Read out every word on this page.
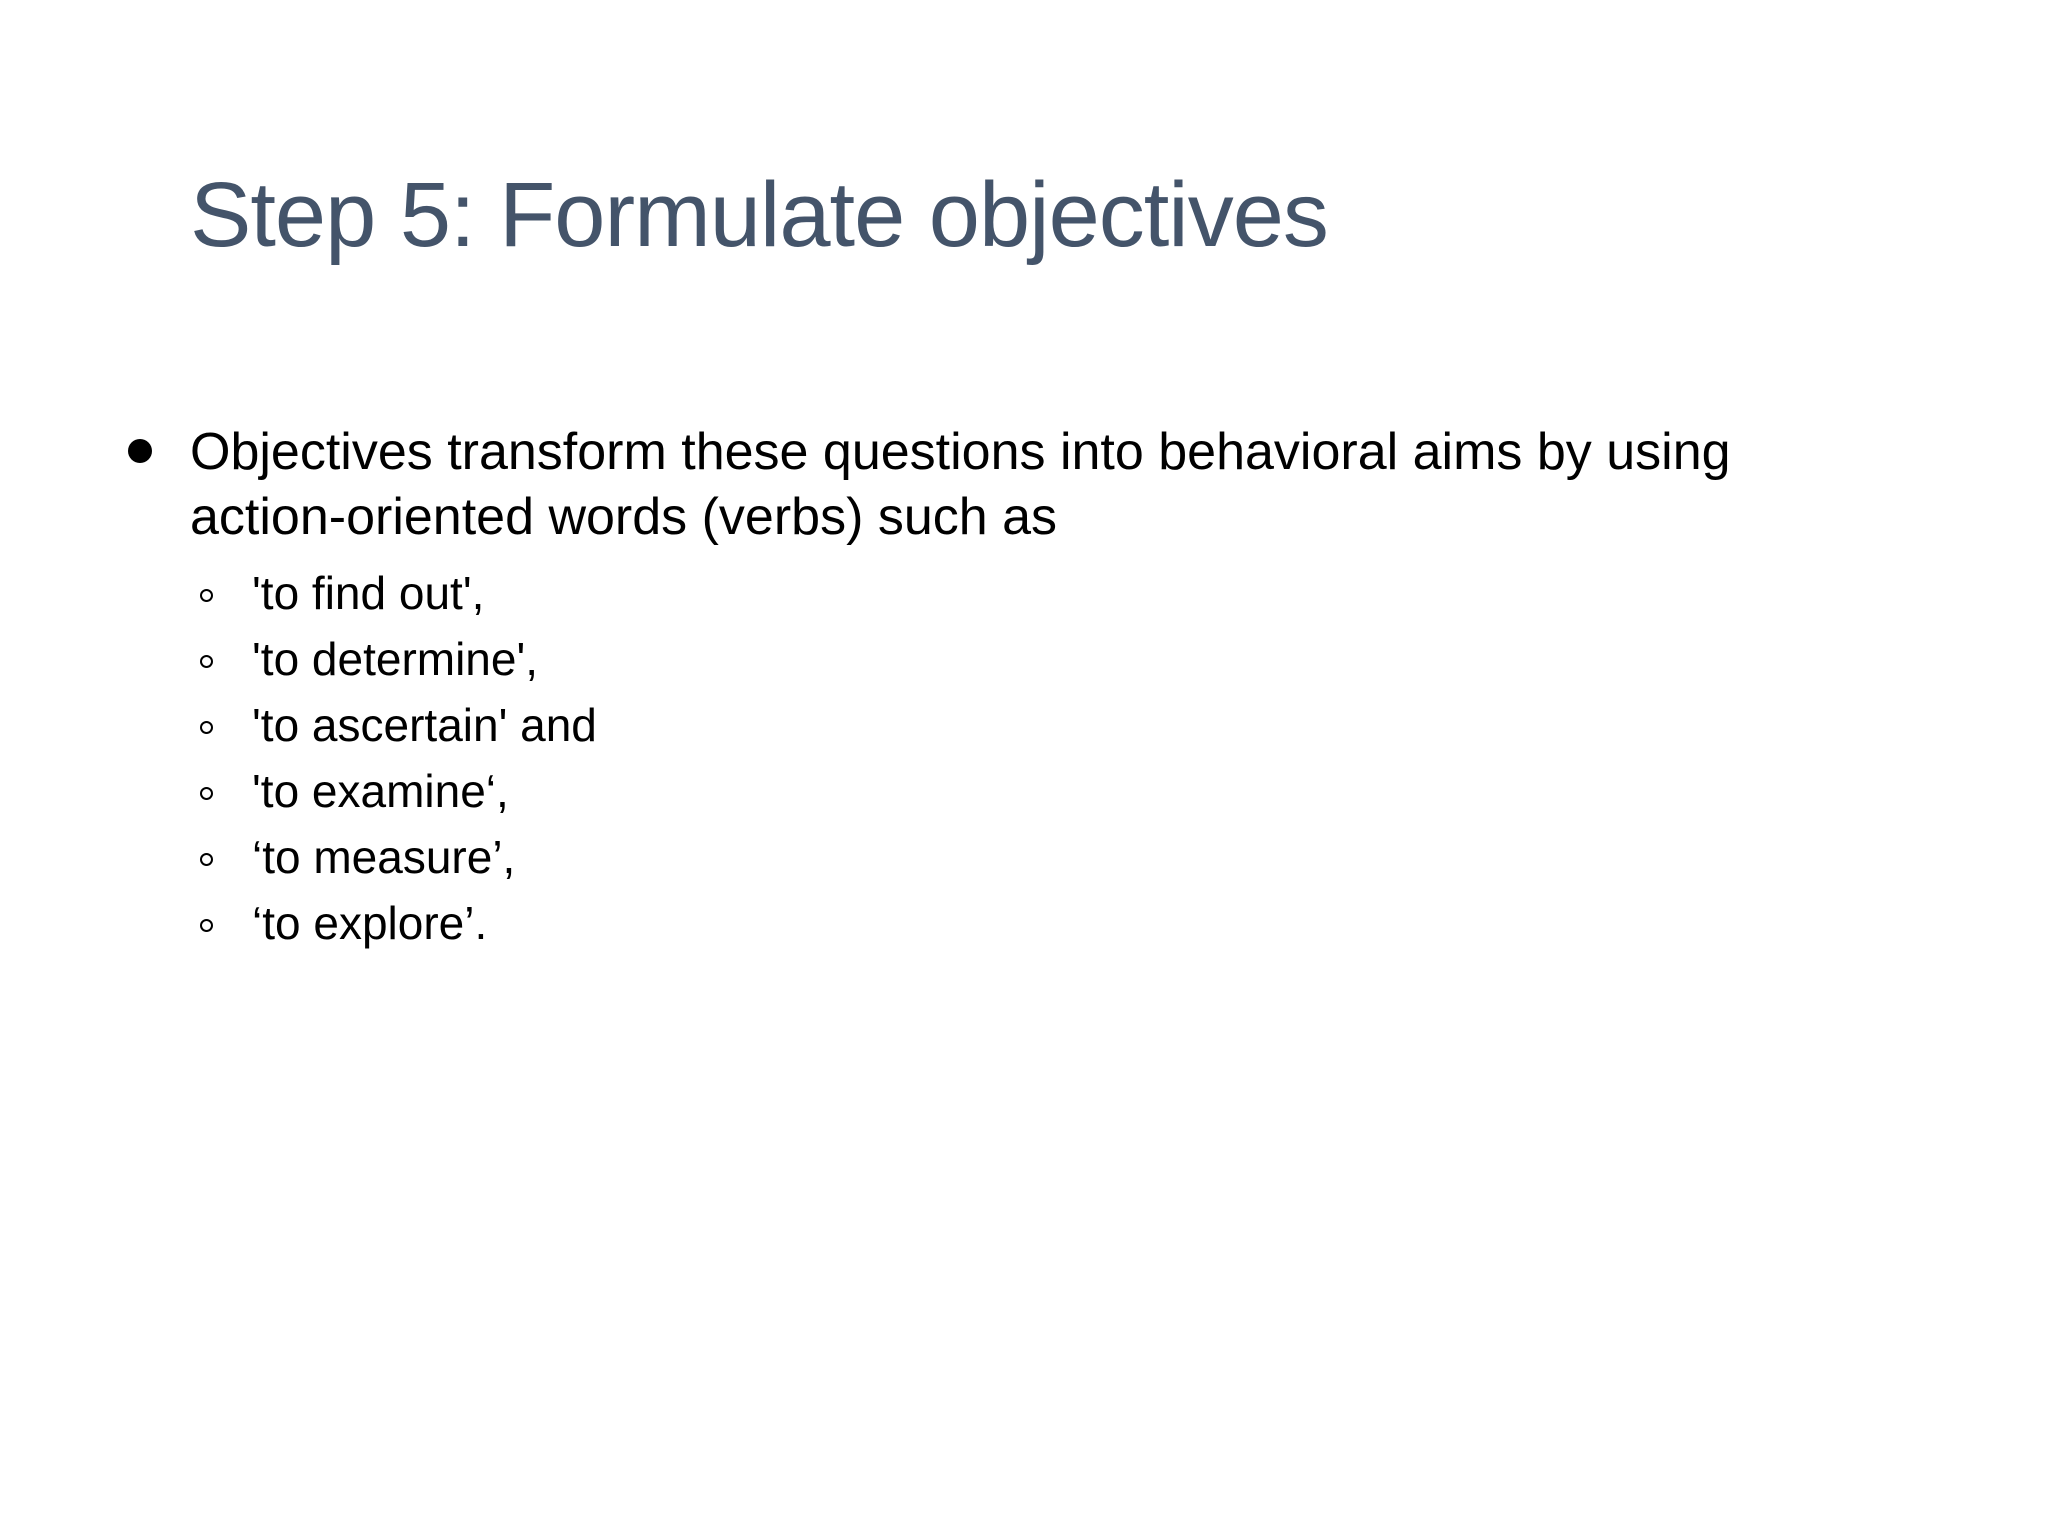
Step 5: Formulate objectives
Objectives transform these questions into behavioral aims by using action-oriented words (verbs) such as
'to find out',
'to determine',
'to ascertain' and
'to examine‘,
‘to measure’,
‘to explore’.
